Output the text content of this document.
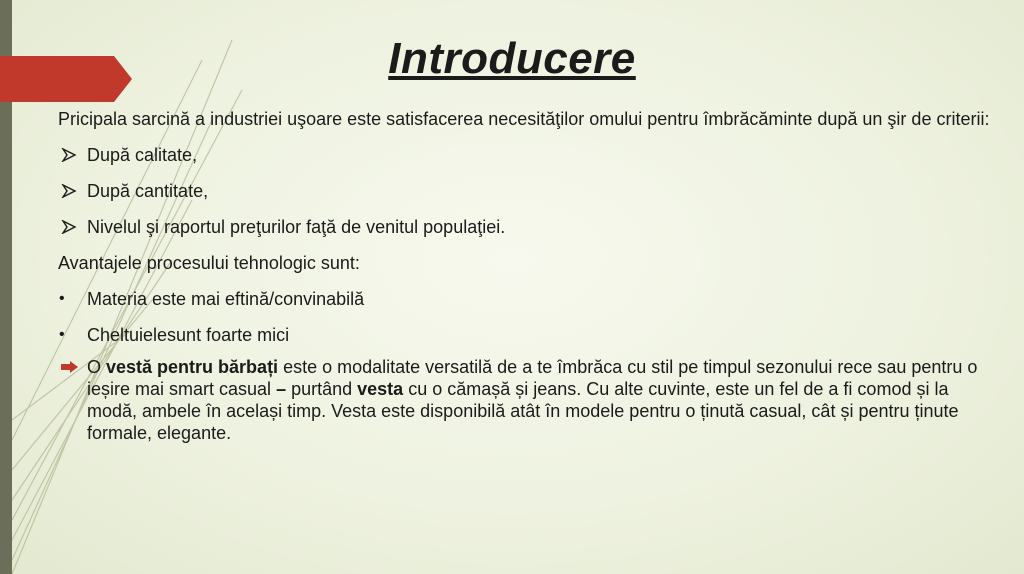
Introducere

Pricipala sarcină a industriei uşoare este satisfacerea necesităţilor omului pentru îmbrăcăminte după un şir de criterii:

După calitate,
După cantitate,
Nivelul şi raportul preţurilor faţă de venitul populaţiei.

Avantajele procesului tehnologic sunt:

•	Materia este mai eftină/convinabilă
•	Cheltuielesunt foarte mici
O vestă pentru bărbați este o modalitate versatilă de a te îmbrăca cu stil pe timpul sezonului rece sau pentru o ieșire mai smart casual – purtând vesta cu o cămașă și jeans. Cu alte cuvinte, este un fel de a fi comod și la modă, ambele în același timp. Vesta este disponibilă atât în modele pentru o ținută casual, cât și pentru ținute formale, elegante.
